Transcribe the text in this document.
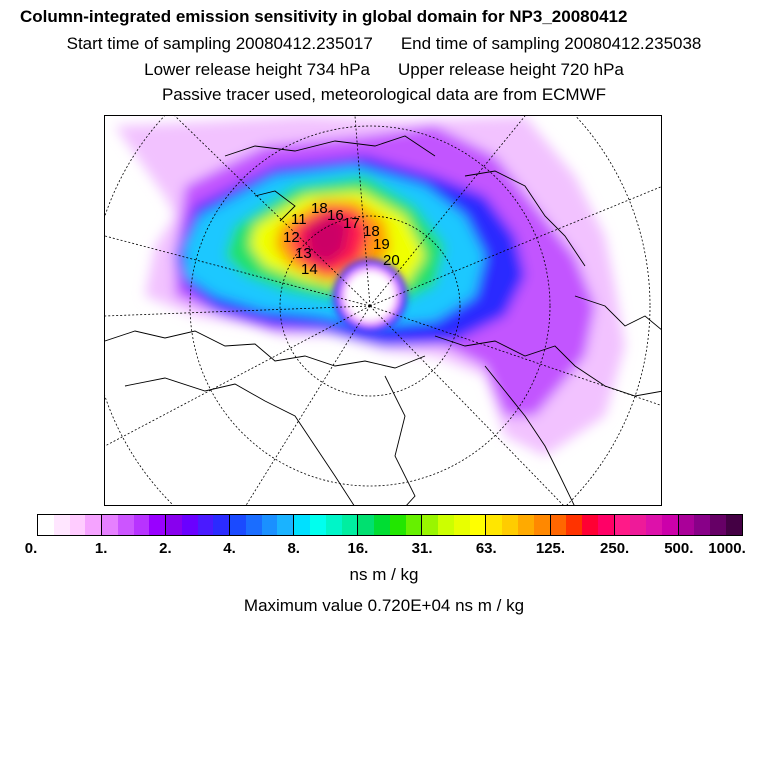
Column-integrated emission sensitivity in global domain for NP3_20080412
Start time of sampling 20080412.235017 End time of sampling 20080412.235038
Lower release height 734 hPa Upper release height 720 hPa
Passive tracer used, meteorological data are from ECMWF
11
18 16 17 18
19
20
12
13
14
0.	1.	2.	4.	8.	16.	31.	63.	125. 250. 500. 1000.
ns m / kg
Maximum value 0.720E+04 ns m / kg
